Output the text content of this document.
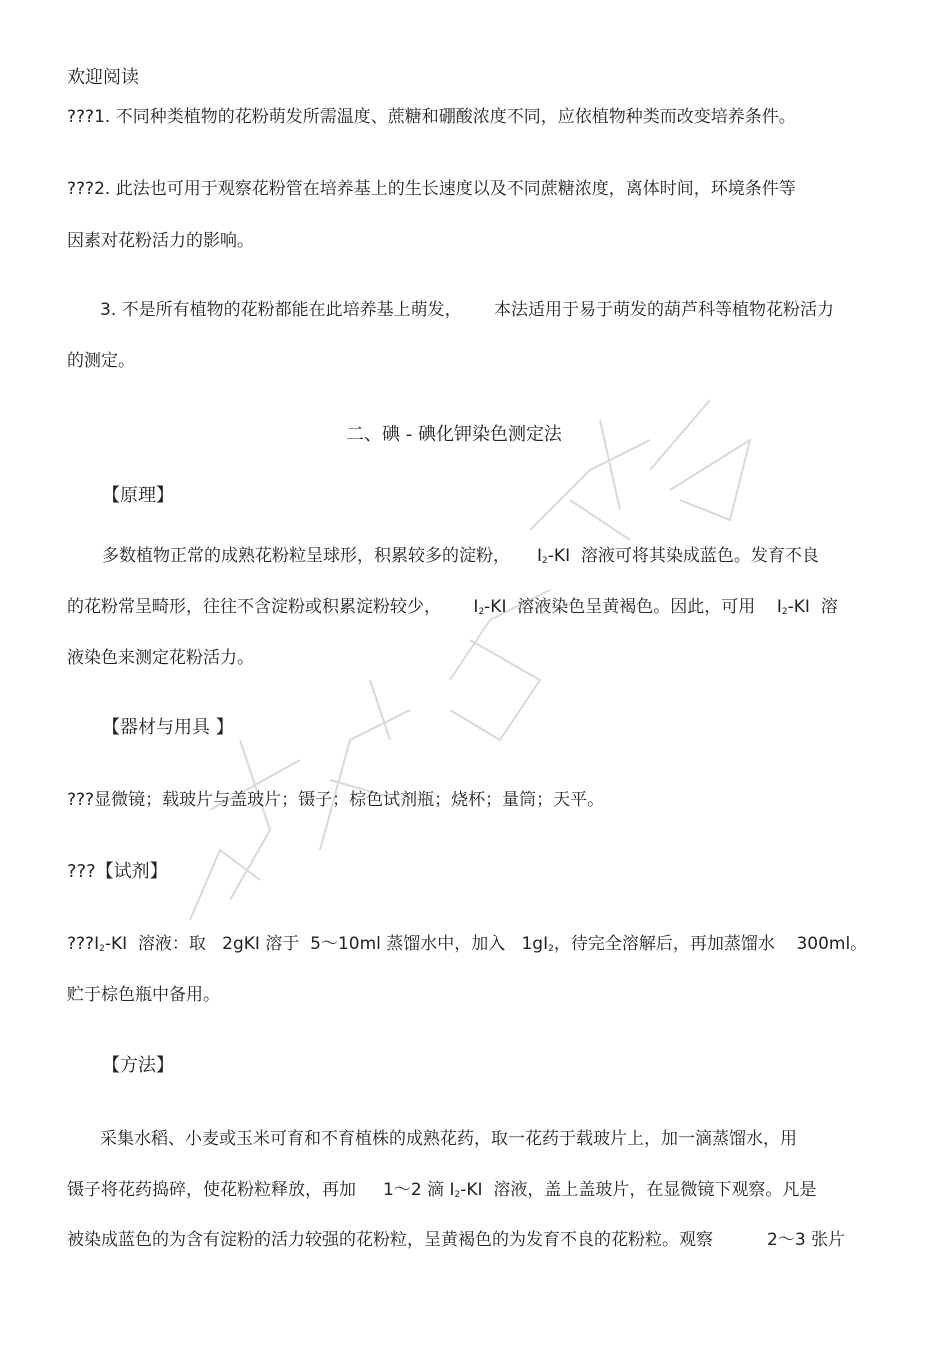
欢迎阅读
???1. 不同种类植物的花粉萌发所需温度、蔗糖和硼酸浓度不同，应依植物种类而改变培养条件。
???2. 此法也可用于观察花粉管在培养基上的生长速度以及不同蔗糖浓度，离体时间，环境条件等
因素对花粉活力的影响。
3. 不是所有植物的花粉都能在此培养基上萌发，      本法适用于易于萌发的葫芦科等植物花粉活力
的测定。
二、碘 - 碘化钾染色测定法
【原理】
多数植物正常的成熟花粉粒呈球形，积累较多的淀粉，     $I_2-KI$  溶液可将其染成蓝色。发育不良
的花粉常呈畸形，往往不含淀粉或积累淀粉较少，      $I_2-KI$  溶液染色呈黄褐色。因此，可用    $I_2-KI$  溶
液染色来测定花粉活力。
【器材与用具 】
???显微镜；载玻片与盖玻片；镊子；棕色试剂瓶；烧杯；量筒；天平。
???【试剂】
$???I_2-KI$  溶液：取   2gKI 溶于  5～10ml 蒸馏水中，加入   $1gI_2$，待完全溶解后，再加蒸馏水    300ml。
贮于棕色瓶中备用。
【方法】
采集水稻、小麦或玉米可育和不育植株的成熟花药，取一花药于载玻片上，加一滴蒸馏水，用
镊子将花药捣碎，使花粉粒释放，再加     1～2 滴 $I_2-KI$  溶液，盖上盖玻片，在显微镜下观察。凡是
被染成蓝色的为含有淀粉的活力较强的花粉粒，呈黄褐色的为发育不良的花粉粒。观察          2～3 张片
